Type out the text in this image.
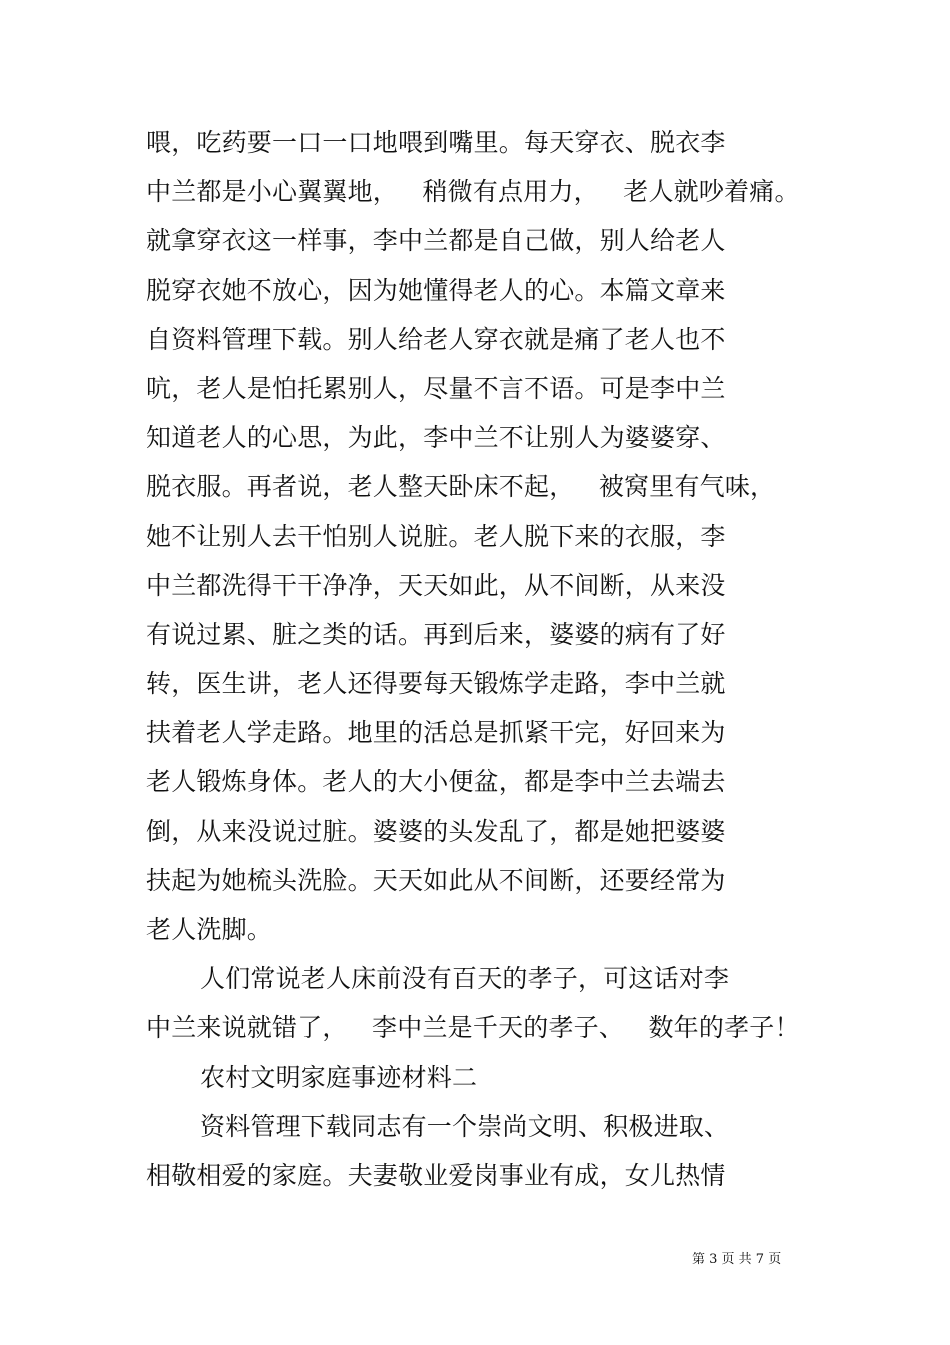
喂，吃药要一口一口地喂到嘴里。每天穿衣、脱衣李
中兰都是小心翼翼地，   稍微有点用力，   老人就吵着痛。
就拿穿衣这一样事，李中兰都是自己做，别人给老人
脱穿衣她不放心，因为她懂得老人的心。本篇文章来
自资料管理下载。别人给老人穿衣就是痛了老人也不
吭，老人是怕托累别人，尽量不言不语。可是李中兰
知道老人的心思，为此，李中兰不让别人为婆婆穿、
脱衣服。再者说，老人整天卧床不起，   被窝里有气味，
她不让别人去干怕别人说脏。老人脱下来的衣服，李
中兰都洗得干干净净，天天如此，从不间断，从来没
有说过累、脏之类的话。再到后来，婆婆的病有了好
转，医生讲，老人还得要每天锻炼学走路，李中兰就
扶着老人学走路。地里的活总是抓紧干完，好回来为
老人锻炼身体。老人的大小便盆，都是李中兰去端去
倒，从来没说过脏。婆婆的头发乱了，都是她把婆婆
扶起为她梳头洗脸。天天如此从不间断，还要经常为
老人洗脚。
人们常说老人床前没有百天的孝子，可这话对李
中兰来说就错了，   李中兰是千天的孝子、   数年的孝子！
农村文明家庭事迹材料二
资料管理下载同志有一个崇尚文明、积极进取、
相敬相爱的家庭。夫妻敬业爱岗事业有成，女儿热情
第 3 页 共 7 页
